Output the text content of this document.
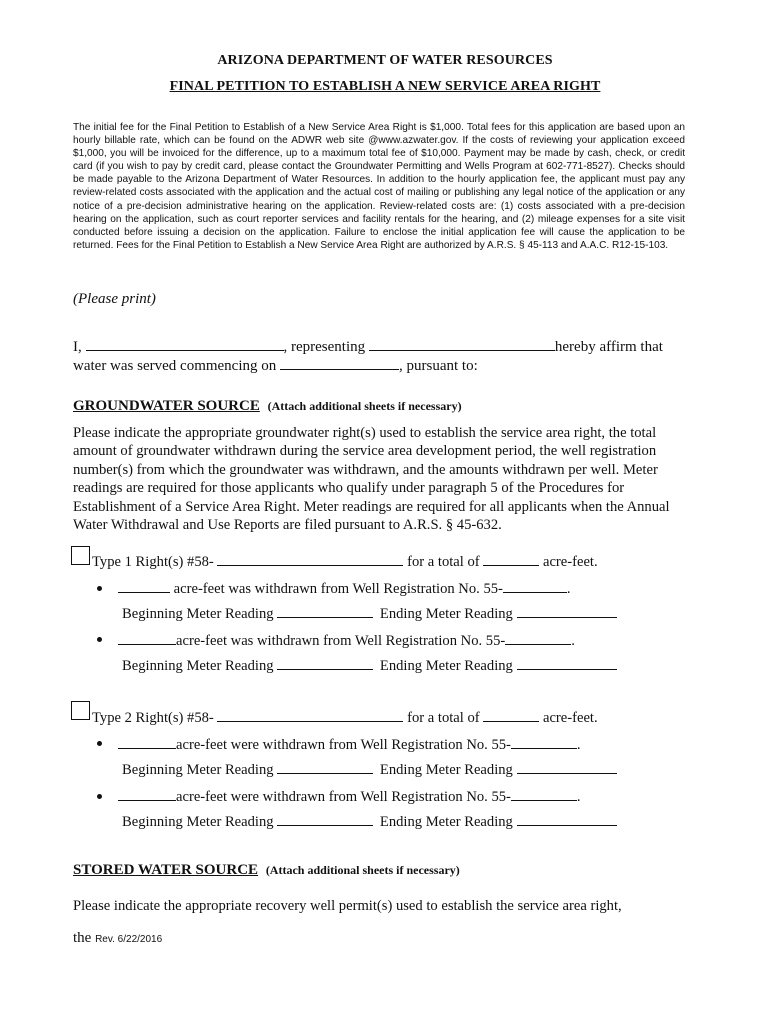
ARIZONA DEPARTMENT OF WATER RESOURCES
FINAL PETITION TO ESTABLISH A NEW SERVICE AREA RIGHT
The initial fee for the Final Petition to Establish of a New Service Area Right is $1,000. Total fees for this application are based upon an hourly billable rate, which can be found on the ADWR web site @www.azwater.gov. If the costs of reviewing your application exceed $1,000, you will be invoiced for the difference, up to a maximum total fee of $10,000. Payment may be made by cash, check, or credit card (if you wish to pay by credit card, please contact the Groundwater Permitting and Wells Program at 602-771-8527). Checks should be made payable to the Arizona Department of Water Resources. In addition to the hourly application fee, the applicant must pay any review-related costs associated with the application and the actual cost of mailing or publishing any legal notice of the application or any notice of a pre-decision administrative hearing on the application. Review-related costs are: (1) costs associated with a pre-decision hearing on the application, such as court reporter services and facility rentals for the hearing, and (2) mileage expenses for a site visit conducted before issuing a decision on the application. Failure to enclose the initial application fee will cause the application to be returned. Fees for the Final Petition to Establish a New Service Area Right are authorized by A.R.S. § 45-113 and A.A.C. R12-15-103.
(Please print)
I,	, representing	hereby affirm that
water was served commencing on	, pursuant to:
GROUNDWATER SOURCE (Attach additional sheets if necessary)
Please indicate the appropriate groundwater right(s) used to establish the service area right, the total amount of groundwater withdrawn during the service area development period, the well registration number(s) from which the groundwater was withdrawn, and the amounts withdrawn per well. Meter readings are required for those applicants who qualify under paragraph 5 of the Procedures for Establishment of a Service Area Right. Meter readings are required for all applicants when the Annual Water Withdrawal and Use Reports are filed pursuant to A.R.S. § 45-632.
Type 1 Right(s) #58-	for a total of	acre-feet.
acre-feet was withdrawn from Well Registration No. 55-	.
Beginning Meter Reading	Ending Meter Reading
acre-feet was withdrawn from Well Registration No. 55-	.
Beginning Meter Reading	Ending Meter Reading
Type 2 Right(s) #58-	for a total of	acre-feet.
acre-feet were withdrawn from Well Registration No. 55-	.
Beginning Meter Reading	Ending Meter Reading
acre-feet were withdrawn from Well Registration No. 55-	.
Beginning Meter Reading	Ending Meter Reading
STORED WATER SOURCE (Attach additional sheets if necessary)
Please indicate the appropriate recovery well permit(s) used to establish the service area right,
the Rev. 6/22/2016
